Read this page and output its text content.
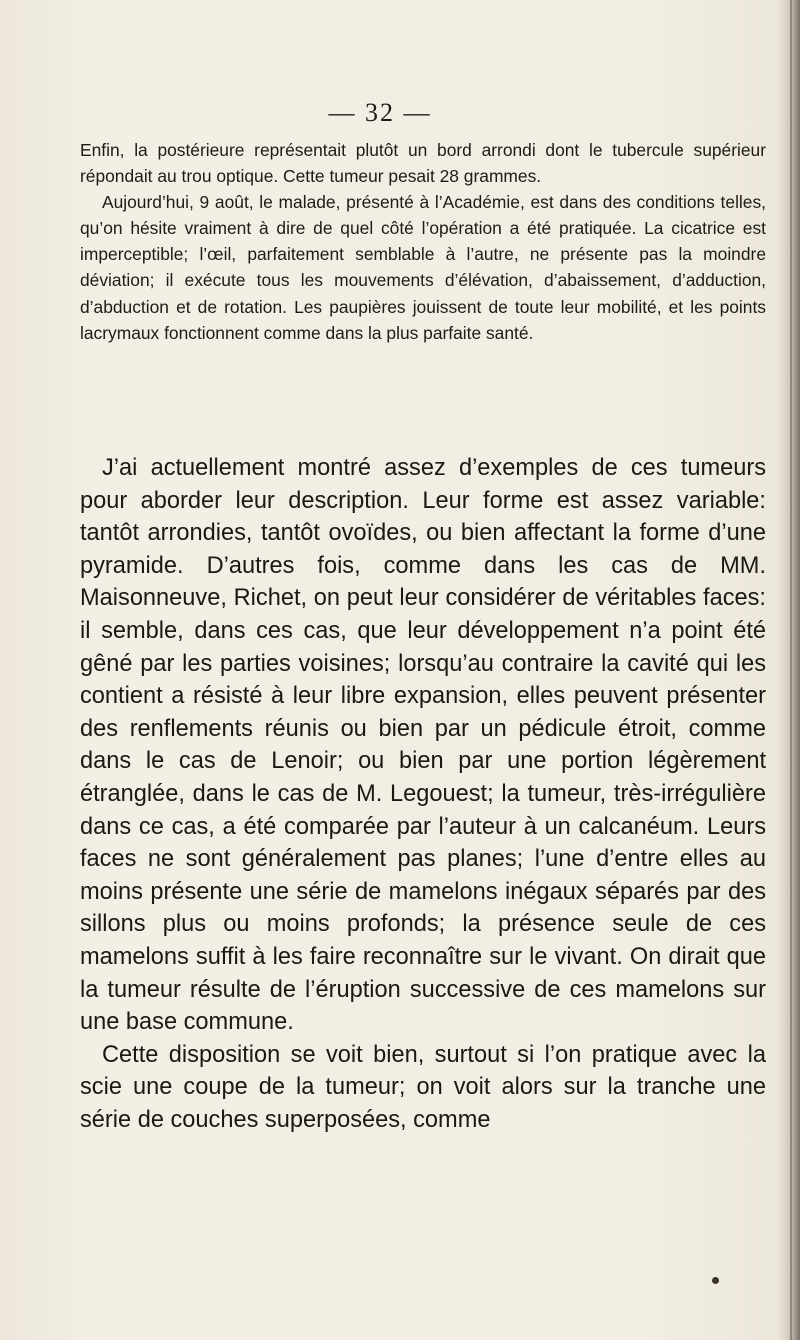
— 32 —

Enfin, la postérieure représentait plutôt un bord arrondi dont le tubercule supérieur répondait au trou optique. Cette tumeur pesait 28 grammes.

Aujourd’hui, 9 août, le malade, présenté à l’Académie, est dans des conditions telles, qu’on hésite vraiment à dire de quel côté l’opération a été pratiquée. La cicatrice est imperceptible; l’œil, parfaitement semblable à l’autre, ne présente pas la moindre déviation; il exécute tous les mouvements d’élévation, d’abaissement, d’adduction, d’abduction et de rotation. Les paupières jouissent de toute leur mobilité, et les points lacrymaux fonctionnent comme dans la plus parfaite santé.

J’ai actuellement montré assez d’exemples de ces tumeurs pour aborder leur description. Leur forme est assez variable: tantôt arrondies, tantôt ovoïdes, ou bien affectant la forme d’une pyramide. D’autres fois, comme dans les cas de MM. Maisonneuve, Richet, on peut leur considérer de véritables faces: il semble, dans ces cas, que leur développement n’a point été gêné par les parties voisines; lorsqu’au contraire la cavité qui les contient a résisté à leur libre expansion, elles peuvent présenter des renflements réunis ou bien par un pédicule étroit, comme dans le cas de Lenoir; ou bien par une portion légèrement étranglée, dans le cas de M. Legouest; la tumeur, très-irrégulière dans ce cas, a été comparée par l’auteur à un calcanéum. Leurs faces ne sont généralement pas planes; l’une d’entre elles au moins présente une série de mamelons inégaux séparés par des sillons plus ou moins profonds; la présence seule de ces mamelons suffit à les faire reconnaître sur le vivant. On dirait que la tumeur résulte de l’éruption successive de ces mamelons sur une base commune.

Cette disposition se voit bien, surtout si l’on pratique avec la scie une coupe de la tumeur; on voit alors sur la tranche une série de couches superposées, comme
